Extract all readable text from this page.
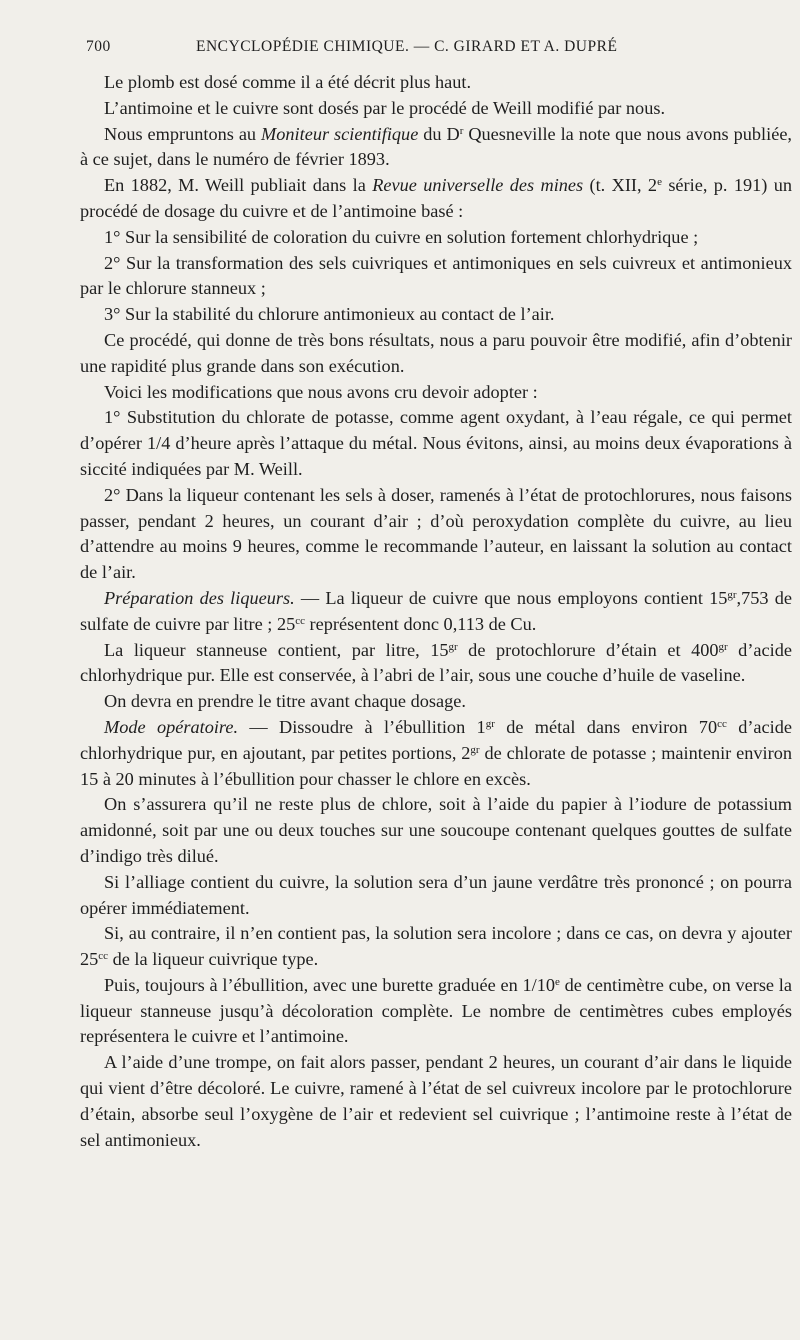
700	ENCYCLOPÉDIE CHIMIQUE. — C. GIRARD ET A. DUPRÉ

Le plomb est dosé comme il a été décrit plus haut.

L’antimoine et le cuivre sont dosés par le procédé de Weill modifié par nous.

Nous empruntons au Moniteur scientifique du $D^r$ Quesneville la note que nous avons publiée, à ce sujet, dans le numéro de février 1893.

En 1882, M. Weill publiait dans la Revue universelle des mines (t. XII, 2e série, p. 191) un procédé de dosage du cuivre et de l’antimoine basé :

1° Sur la sensibilité de coloration du cuivre en solution fortement chlorhydrique ;

2° Sur la transformation des sels cuivriques et antimoniques en sels cuivreux et antimonieux par le chlorure stanneux ;

3° Sur la stabilité du chlorure antimonieux au contact de l’air.

Ce procédé, qui donne de très bons résultats, nous a paru pouvoir être modifié, afin d’obtenir une rapidité plus grande dans son exécution.

Voici les modifications que nous avons cru devoir adopter :

1° Substitution du chlorate de potasse, comme agent oxydant, à l’eau régale, ce qui permet d’opérer 1/4 d’heure après l’attaque du métal. Nous évitons, ainsi, au moins deux évaporations à siccité indiquées par M. Weill.

2° Dans la liqueur contenant les sels à doser, ramenés à l’état de protochlorures, nous faisons passer, pendant 2 heures, un courant d’air ; d’où peroxydation complète du cuivre, au lieu d’attendre au moins 9 heures, comme le recommande l’auteur, en laissant la solution au contact de l’air.

Préparation des liqueurs. — La liqueur de cuivre que nous employons contient $15^{gr},753$ de sulfate de cuivre par litre ; $25^{cc}$ représentent donc 0,113 de Cu.

La liqueur stanneuse contient, par litre, $15^{gr}$ de protochlorure d’étain et $400^{gr}$ d’acide chlorhydrique pur. Elle est conservée, à l’abri de l’air, sous une couche d’huile de vaseline.

On devra en prendre le titre avant chaque dosage.

Mode opératoire. — Dissoudre à l’ébullition $1^{gr}$ de métal dans environ $70^{cc}$ d’acide chlorhydrique pur, en ajoutant, par petites portions, $2^{gr}$ de chlorate de potasse ; maintenir environ 15 à 20 minutes à l’ébullition pour chasser le chlore en excès.

On s’assurera qu’il ne reste plus de chlore, soit à l’aide du papier à l’iodure de potassium amidonné, soit par une ou deux touches sur une soucoupe contenant quelques gouttes de sulfate d’indigo très dilué.

Si l’alliage contient du cuivre, la solution sera d’un jaune verdâtre très prononcé ; on pourra opérer immédiatement.

Si, au contraire, il n’en contient pas, la solution sera incolore ; dans ce cas, on devra y ajouter $25^{cc}$ de la liqueur cuivrique type.

Puis, toujours à l’ébullition, avec une burette graduée en 1/10e de centimètre cube, on verse la liqueur stanneuse jusqu’à décoloration complète. Le nombre de centimètres cubes employés représentera le cuivre et l’antimoine.

A l’aide d’une trompe, on fait alors passer, pendant 2 heures, un courant d’air dans le liquide qui vient d’être décoloré. Le cuivre, ramené à l’état de sel cuivreux incolore par le protochlorure d’étain, absorbe seul l’oxygène de l’air et redevient sel cuivrique ; l’antimoine reste à l’état de sel antimonieux.
